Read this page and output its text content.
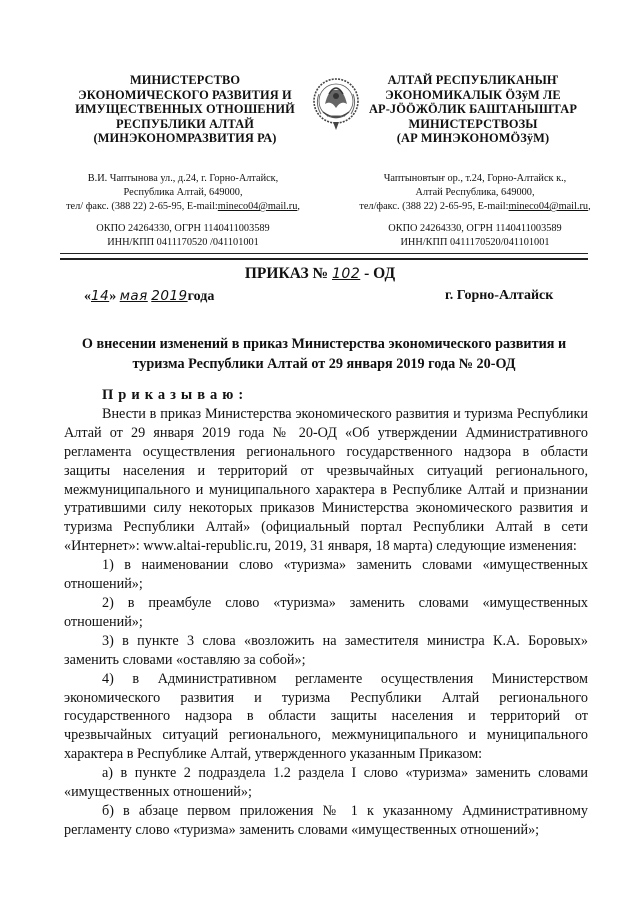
МИНИСТЕРСТВО
ЭКОНОМИЧЕСКОГО РАЗВИТИЯ И
ИМУЩЕСТВЕННЫХ ОТНОШЕНИЙ
РЕСПУБЛИКИ АЛТАЙ
(МИНЭКОНОМРАЗВИТИЯ РА)
АЛТАЙ РЕСПУБЛИКАНЫҤ
ЭКОНОМИКАЛЫК ÖЗÿМ ЛЕ
АР-JÖÖЖÖЛИК БАШТАНЫШТАР
МИНИСТЕРСТВОЗЫ
(АР МИНЭКОНОМÖЗÿМ)
В.И. Чаптынова ул., д.24, г. Горно-Алтайск,
Республика Алтай, 649000,
тел/ факс. (388 22) 2-65-95, E-mail:mineco04@mail.ru,
ОКПО 24264330, ОГРН 1140411003589
ИНН/КПП 0411170520 /041101001
Чаптыновтыҥ ор., т.24, Горно-Алтайск к.,
Алтай Республика, 649000,
тел/факс. (388 22) 2-65-95, E-mail:mineco04@mail.ru,
ОКПО 24264330, ОГРН 1140411003589
ИНН/КПП 0411170520/041101001
ПРИКАЗ № 102 - ОД
«14» мая 2019года	г. Горно-Алтайск
О внесении изменений в приказ Министерства экономического развития и
туризма Республики Алтай от 29 января 2019 года № 20-ОД
Приказываю:

Внести в приказ Министерства экономического развития и туризма Республики Алтай от 29 января 2019 года № 20-ОД «Об утверждении Административного регламента осуществления регионального государственного надзора в области защиты населения и территорий от чрезвычайных ситуаций регионального, межмуниципального и муниципального характера в Республике Алтай и признании утратившими силу некоторых приказов Министерства экономического развития и туризма Республики Алтай» (официальный портал Республики Алтай в сети «Интернет»: www.altai-republic.ru, 2019, 31 января, 18 марта) следующие изменения:

1) в наименовании слово «туризма» заменить словами «имущественных отношений»;

2) в преамбуле слово «туризма» заменить словами «имущественных отношений»;

3) в пункте 3 слова «возложить на заместителя министра К.А. Боровых» заменить словами «оставляю за собой»;

4) в Административном регламенте осуществления Министерством экономического развития и туризма Республики Алтай регионального государственного надзора в области защиты населения и территорий от чрезвычайных ситуаций регионального, межмуниципального и муниципального характера в Республике Алтай, утвержденного указанным Приказом:

а) в пункте 2 подраздела 1.2 раздела I слово «туризма» заменить словами «имущественных отношений»;

б) в абзаце первом приложения № 1 к указанному Административному регламенту слово «туризма» заменить словами «имущественных отношений»;
